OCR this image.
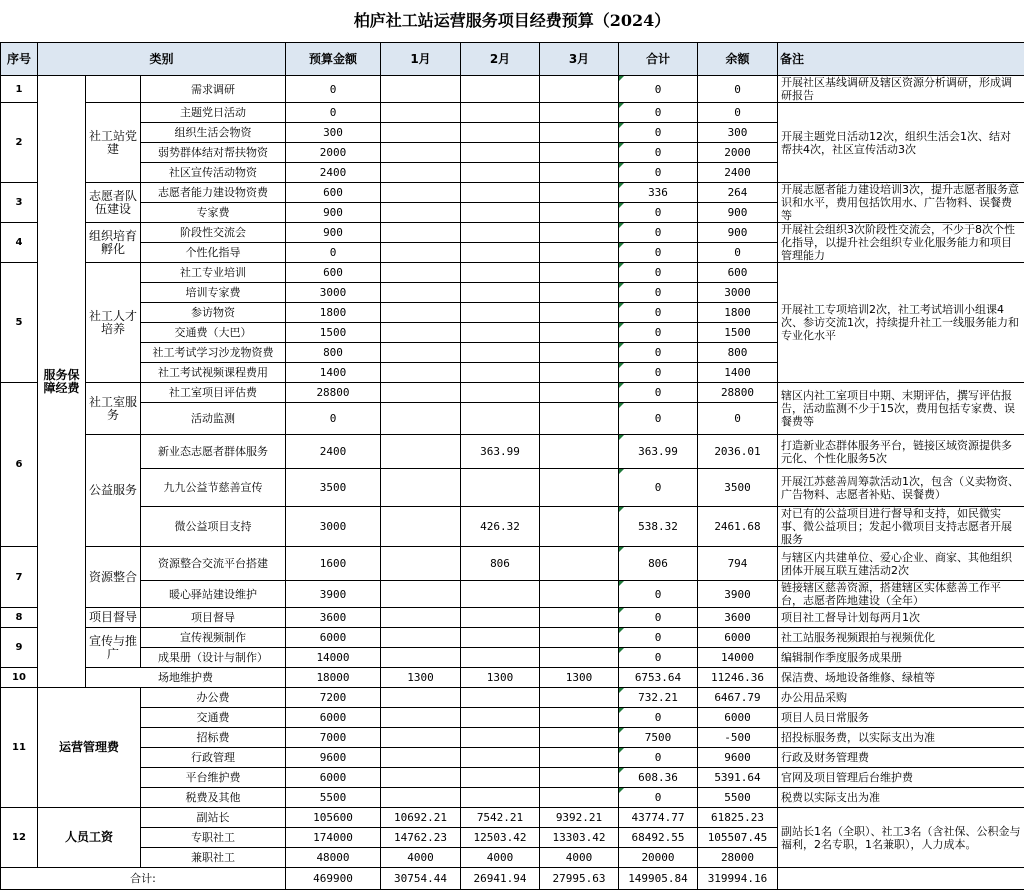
柏庐社工站运营服务项目经费预算（2024）
序号	类别			预算金额	1月	2月	3月	合计	余额	备注
1	服务保障经费		需求调研	0				0	0	开展社区基线调研及辖区资源分析调研，形成调研报告
2		社工站党建	主题党日活动	0				0	0	开展主题党日活动12次，组织生活会1次、结对帮扶4次，社区宣传活动3次
			组织生活会物资	300				0	300	
			弱势群体结对帮扶物资	2000				0	2000	
			社区宣传活动物资	2400				0	2400	
3		志愿者队伍建设	志愿者能力建设物资费	600				336	264	开展志愿者能力建设培训3次，提升志愿者服务意识和水平，费用包括饮用水、广告物料、误餐费等
			专家费	900				0	900	
4		组织培育孵化	阶段性交流会	900				0	900	开展社会组织3次阶段性交流会，不少于8次个性化指导，以提升社会组织专业化服务能力和项目管理能力
			个性化指导	0				0	0	
5		社工人才培养	社工专业培训	600				0	600	开展社工专项培训2次，社工考试培训小组课4次、参访交流1次，持续提升社工一线服务能力和专业化水平
			培训专家费	3000				0	3000	
			参访物资	1800				0	1800	
			交通费（大巴）	1500				0	1500	
			社工考试学习沙龙物资费	800				0	800	
			社工考试视频课程费用	1400				0	1400	
6		社工室服务	社工室项目评估费	28800				0	28800	辖区内社工室项目中期、末期评估，撰写评估报告，活动监测不少于15次，费用包括专家费、误餐费等
			活动监测	0				0	0	
		公益服务	新业态志愿者群体服务	2400		363.99		363.99	2036.01	打造新业态群体服务平台，链接区域资源提供多元化、个性化服务5次
			九九公益节慈善宣传	3500				0	3500	开展江苏慈善周筹款活动1次，包含（义卖物资、广告物料、志愿者补贴、误餐费）
			微公益项目支持	3000		426.32		538.32	2461.68	对已有的公益项目进行督导和支持，如民微实事、微公益项目；发起小微项目支持志愿者开展服务
7		资源整合	资源整合交流平台搭建	1600		806		806	794	与辖区内共建单位、爱心企业、商家、其他组织团体开展互联互建活动2次
			暖心驿站建设维护	3900				0	3900	链接辖区慈善资源，搭建辖区实体慈善工作平台，志愿者阵地建设（全年）
8		项目督导	项目督导	3600				0	3600	项目社工督导计划每两月1次
9		宣传与推广	宣传视频制作	6000				0	6000	社工站服务视频跟拍与视频优化
			成果册（设计与制作）	14000				0	14000	编辑制作季度服务成果册
10		场地维护费		18000	1300	1300	1300	6753.64	11246.36	保洁费、场地设备维修、绿植等
11	运营管理费		办公费	7200				732.21	6467.79	办公用品采购
			交通费	6000				0	6000	项目人员日常服务
			招标费	7000				7500	-500	招投标服务费，以实际支出为准
			行政管理	9600				0	9600	行政及财务管理费
			平台维护费	6000				608.36	5391.64	官网及项目管理后台维护费
			税费及其他	5500				0	5500	税费以实际支出为准
12	人员工资		副站长	105600	10692.21	7542.21	9392.21	43774.77	61825.23	副站长1名（全职）、社工3名（含社保、公积金与福利，2名专职，1名兼职），人力成本。
			专职社工	174000	14762.23	12503.42	13303.42	68492.55	105507.45	
			兼职社工	48000	4000	4000	4000	20000	28000	
合计:				469900	30754.44	26941.94	27995.63	149905.84	319994.16	
